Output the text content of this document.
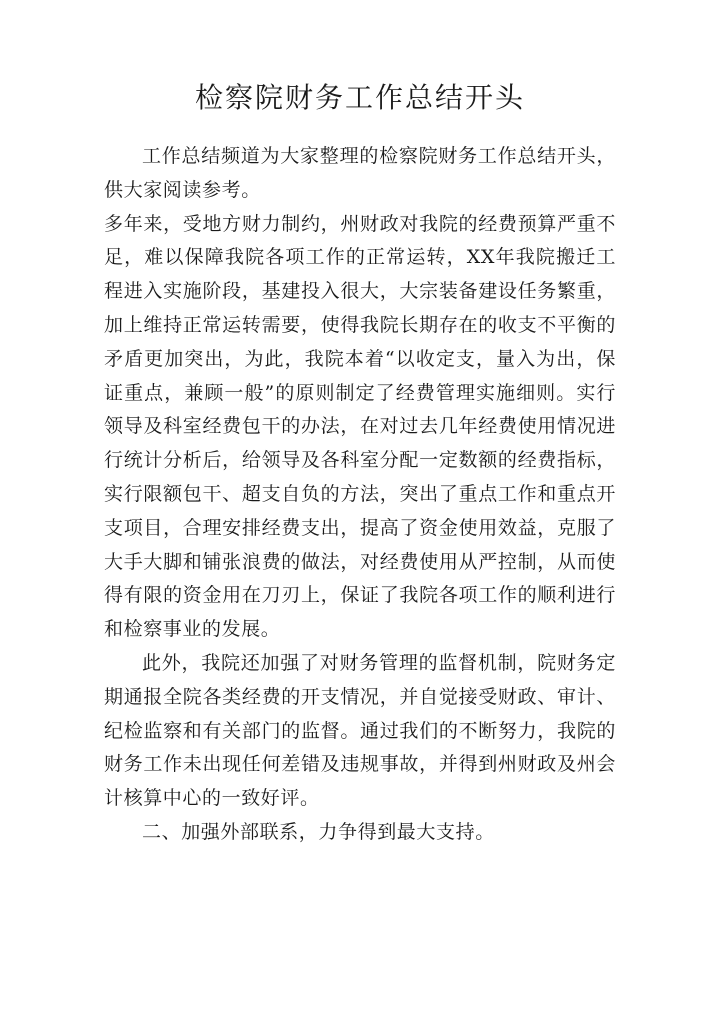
检察院财务工作总结开头

工作总结频道为大家整理的检察院财务工作总结开头，供大家阅读参考。

多年来，受地方财力制约，州财政对我院的经费预算严重不足，难以保障我院各项工作的正常运转，XX年我院搬迁工程进入实施阶段，基建投入很大，大宗装备建设任务繁重，加上维持正常运转需要，使得我院长期存在的收支不平衡的矛盾更加突出，为此，我院本着“以收定支，量入为出，保证重点，兼顾一般”的原则制定了经费管理实施细则。实行领导及科室经费包干的办法，在对过去几年经费使用情况进行统计分析后，给领导及各科室分配一定数额的经费指标，实行限额包干、超支自负的方法，突出了重点工作和重点开支项目，合理安排经费支出，提高了资金使用效益，克服了大手大脚和铺张浪费的做法，对经费使用从严控制，从而使得有限的资金用在刀刃上，保证了我院各项工作的顺利进行和检察事业的发展。

此外，我院还加强了对财务管理的监督机制，院财务定期通报全院各类经费的开支情况，并自觉接受财政、审计、纪检监察和有关部门的监督。通过我们的不断努力，我院的财务工作未出现任何差错及违规事故，并得到州财政及州会计核算中心的一致好评。

二、加强外部联系，力争得到最大支持。
